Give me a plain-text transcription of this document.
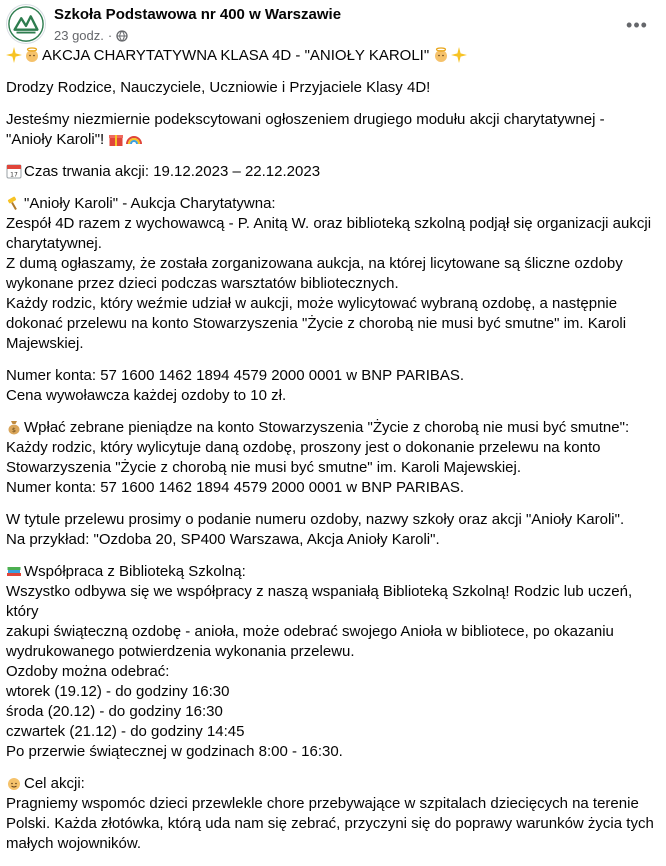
Szkoła Podstawowa nr 400 w Warszawie
23 godz. ·
•••

AKCJA CHARYTATYWNA KLASA 4D - "ANIOŁY KAROLI"

Drodzy Rodzice, Nauczyciele, Uczniowie i Przyjaciele Klasy 4D!

Jesteśmy niezmiernie podekscytowani ogłoszeniem drugiego modułu akcji charytatywnej -
"Anioły Karoli"!

17 Czas trwania akcji: 19.12.2023 – 22.12.2023

"Anioły Karoli" - Aukcja Charytatywna:
Zespół 4D razem z wychowawcą - P. Anitą W. oraz biblioteką szkolną podjął się organizacji aukcji
charytatywnej.
Z dumą ogłaszamy, że została zorganizowana aukcja, na której licytowane są śliczne ozdoby
wykonane przez dzieci podczas warsztatów bibliotecznych.
Każdy rodzic, który weźmie udział w aukcji, może wylicytować wybraną ozdobę, a następnie
dokonać przelewu na konto Stowarzyszenia "Życie z chorobą nie musi być smutne" im. Karoli
Majewskiej.

Numer konta: 57 1600 1462 1894 4579 2000 0001 w BNP PARIBAS.
Cena wywoławcza każdej ozdoby to 10 zł.

$ Wpłać zebrane pieniądze na konto Stowarzyszenia "Życie z chorobą nie musi być smutne":
Każdy rodzic, który wylicytuje daną ozdobę, proszony jest o dokonanie przelewu na konto
Stowarzyszenia "Życie z chorobą nie musi być smutne" im. Karoli Majewskiej.
Numer konta: 57 1600 1462 1894 4579 2000 0001 w BNP PARIBAS.

W tytule przelewu prosimy o podanie numeru ozdoby, nazwy szkoły oraz akcji "Anioły Karoli".
Na przykład: "Ozdoba 20, SP400 Warszawa, Akcja Anioły Karoli".

Współpraca z Biblioteką Szkolną:
Wszystko odbywa się we współpracy z naszą wspaniałą Biblioteką Szkolną! Rodzic lub uczeń, który
zakupi świąteczną ozdobę - anioła, może odebrać swojego Anioła w bibliotece, po okazaniu
wydrukowanego potwierdzenia wykonania przelewu.
Ozdoby można odebrać:
wtorek (19.12) - do godziny 16:30
środa (20.12) - do godziny 16:30
czwartek (21.12) - do godziny 14:45
Po przerwie świątecznej w godzinach 8:00 - 16:30.

Cel akcji:
Pragniemy wspomóc dzieci przewlekle chore przebywające w szpitalach dziecięcych na terenie
Polski. Każda złotówka, którą uda nam się zebrać, przyczyni się do poprawy warunków życia tych
małych wojowników.
